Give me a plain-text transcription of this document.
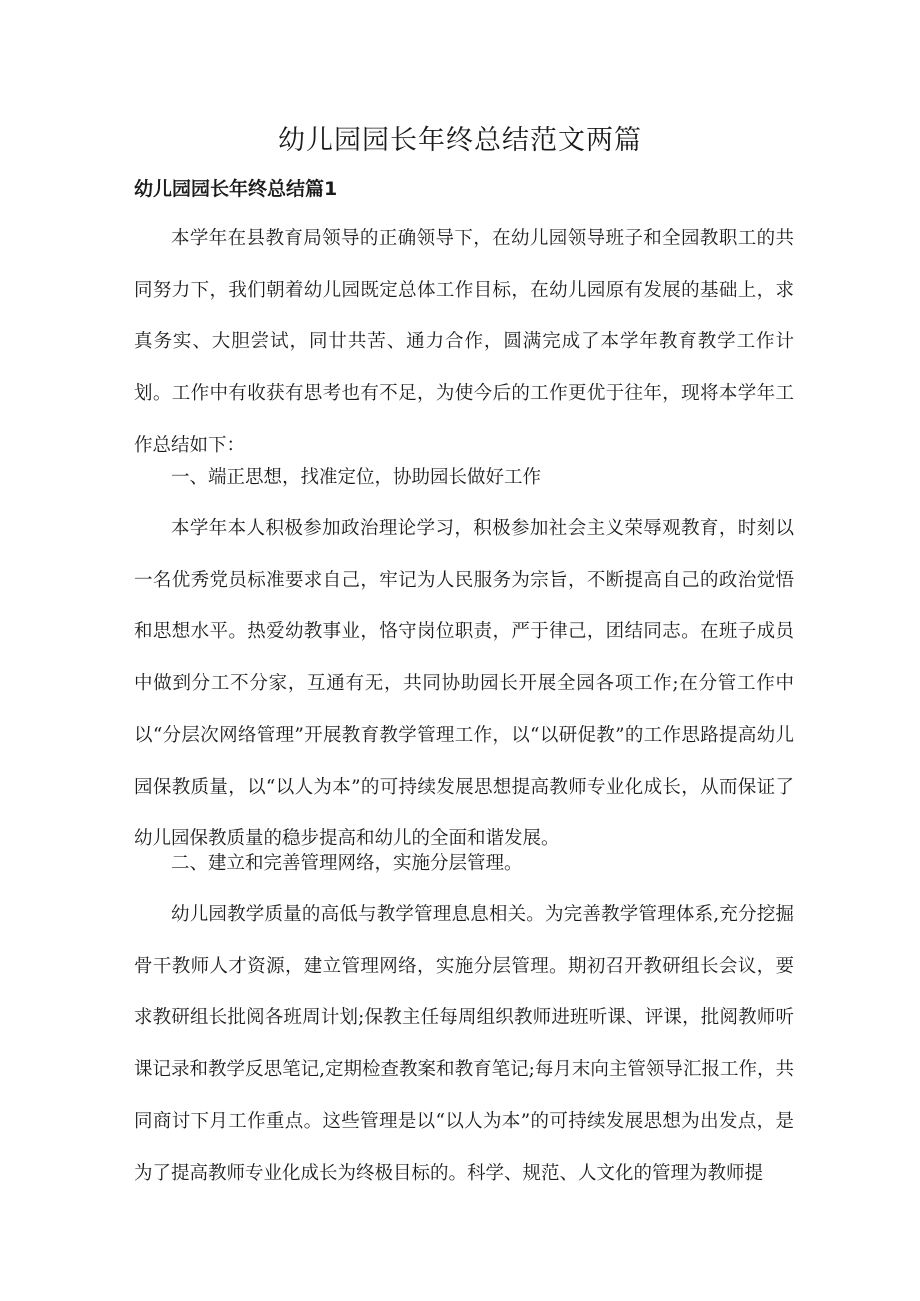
幼儿园园长年终总结范文两篇
幼儿园园长年终总结篇1

本学年在县教育局领导的正确领导下，在幼儿园领导班子和全园教职工的共同努力下，我们朝着幼儿园既定总体工作目标，在幼儿园原有发展的基础上，求真务实、大胆尝试，同廿共苦、通力合作，圆满完成了本学年教育教学工作计划。工作中有收获有思考也有不足，为使今后的工作更优于往年，现将本学年工作总结如下：

一、端正思想，找准定位，协助园长做好工作

本学年本人积极参加政治理论学习，积极参加社会主义荣辱观教育，时刻以一名优秀党员标准要求自己，牢记为人民服务为宗旨，不断提高自己的政治觉悟和思想水平。热爱幼教事业，恪守岗位职责，严于律己，团结同志。在班子成员中做到分工不分家，互通有无，共同协助园长开展全园各项工作;在分管工作中以“分层次网络管理”开展教育教学管理工作，以“以研促教”的工作思路提高幼儿园保教质量，以“以人为本”的可持续发展思想提高教师专业化成长，从而保证了幼儿园保教质量的稳步提高和幼儿的全面和谐发展。

二、建立和完善管理网络，实施分层管理。

幼儿园教学质量的高低与教学管理息息相关。为完善教学管理体系,充分挖掘骨干教师人才资源，建立管理网络，实施分层管理。期初召开教研组长会议，要求教研组长批阅各班周计划;保教主任每周组织教师进班听课、评课，批阅教师听课记录和教学反思笔记,定期检查教案和教育笔记;每月末向主管领导汇报工作，共同商讨下月工作重点。这些管理是以“以人为本”的可持续发展思想为出发点，是为了提高教师专业化成长为终极目标的。科学、规范、人文化的管理为教师提
